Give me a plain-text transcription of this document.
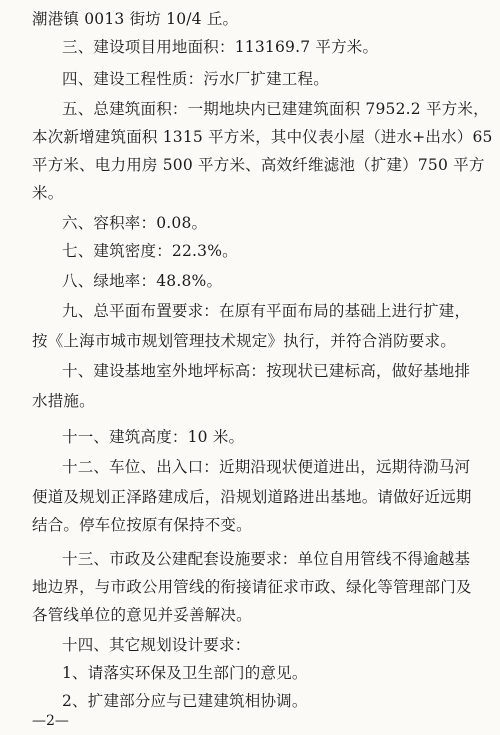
潮港镇 0013 街坊 10/4 丘。
三、建设项目用地面积：113169.7 平方米。
四、建设工程性质：污水厂扩建工程。
五、总建筑面积：一期地块内已建建筑面积 7952.2 平方米，
本次新增建筑面积 1315 平方米，其中仪表小屋（进水+出水）65
平方米、电力用房 500 平方米、高效纤维滤池（扩建）750 平方
米。
六、容积率：0.08。
七、建筑密度：22.3%。
八、绿地率：48.8%。
九、总平面布置要求：在原有平面布局的基础上进行扩建，
按《上海市城市规划管理技术规定》执行，并符合消防要求。
十、建设基地室外地坪标高：按现状已建标高，做好基地排
水措施。
十一、建筑高度：10 米。
十二、车位、出入口：近期沿现状便道进出，远期待泐马河
便道及规划正泽路建成后，沿规划道路进出基地。请做好近远期
结合。停车位按原有保持不变。
十三、市政及公建配套设施要求：单位自用管线不得逾越基
地边界，与市政公用管线的衔接请征求市政、绿化等管理部门及
各管线单位的意见并妥善解决。
十四、其它规划设计要求：
1、请落实环保及卫生部门的意见。
2、扩建部分应与已建建筑相协调。
—2—
